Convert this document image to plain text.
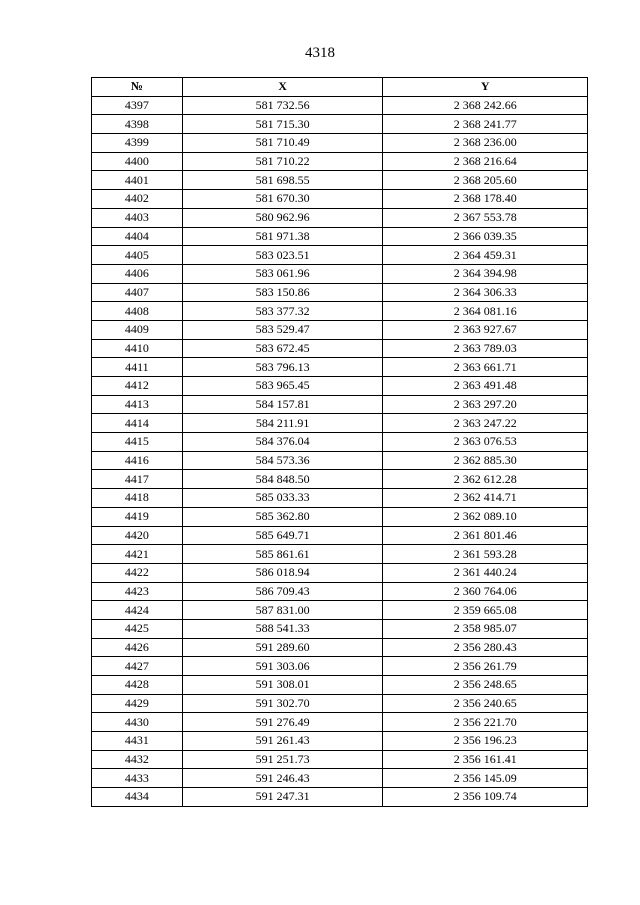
4318
№	X	Y
4397	581 732.56	2 368 242.66
4398	581 715.30	2 368 241.77
4399	581 710.49	2 368 236.00
4400	581 710.22	2 368 216.64
4401	581 698.55	2 368 205.60
4402	581 670.30	2 368 178.40
4403	580 962.96	2 367 553.78
4404	581 971.38	2 366 039.35
4405	583 023.51	2 364 459.31
4406	583 061.96	2 364 394.98
4407	583 150.86	2 364 306.33
4408	583 377.32	2 364 081.16
4409	583 529.47	2 363 927.67
4410	583 672.45	2 363 789.03
4411	583 796.13	2 363 661.71
4412	583 965.45	2 363 491.48
4413	584 157.81	2 363 297.20
4414	584 211.91	2 363 247.22
4415	584 376.04	2 363 076.53
4416	584 573.36	2 362 885.30
4417	584 848.50	2 362 612.28
4418	585 033.33	2 362 414.71
4419	585 362.80	2 362 089.10
4420	585 649.71	2 361 801.46
4421	585 861.61	2 361 593.28
4422	586 018.94	2 361 440.24
4423	586 709.43	2 360 764.06
4424	587 831.00	2 359 665.08
4425	588 541.33	2 358 985.07
4426	591 289.60	2 356 280.43
4427	591 303.06	2 356 261.79
4428	591 308.01	2 356 248.65
4429	591 302.70	2 356 240.65
4430	591 276.49	2 356 221.70
4431	591 261.43	2 356 196.23
4432	591 251.73	2 356 161.41
4433	591 246.43	2 356 145.09
4434	591 247.31	2 356 109.74
